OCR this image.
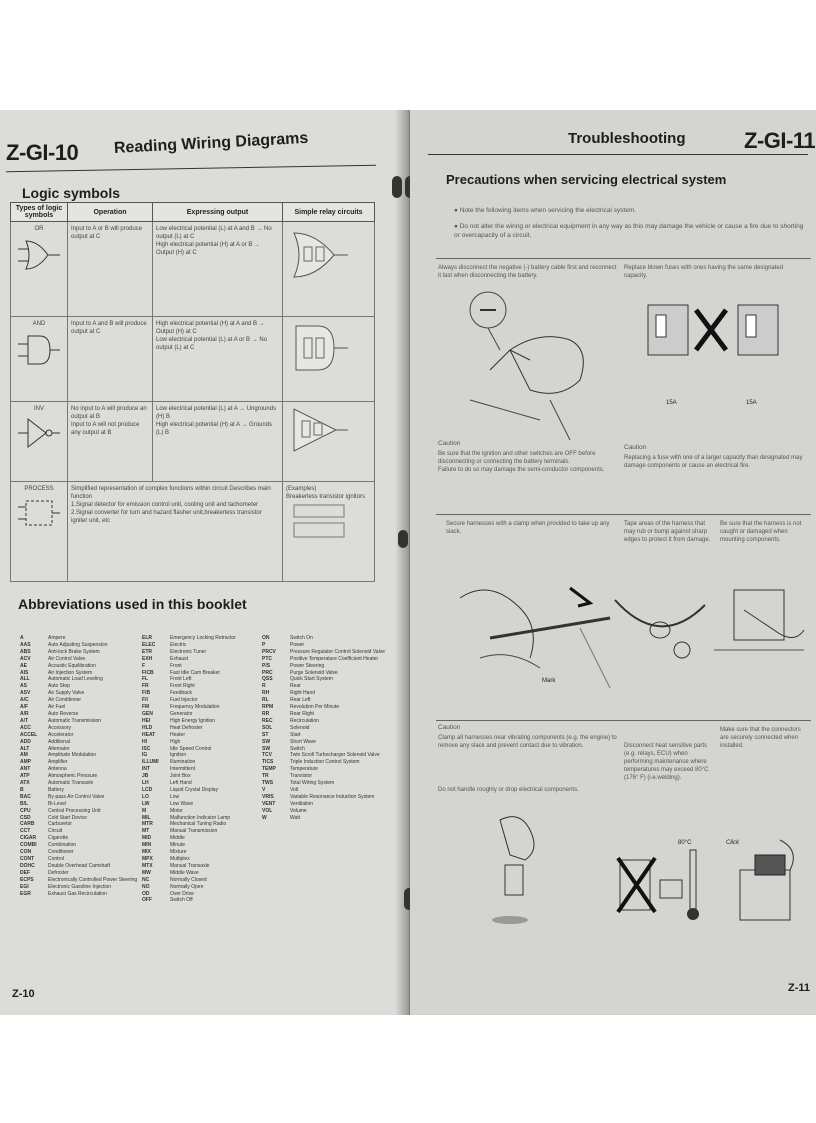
Z-GI-10 Reading Wiring Diagrams
Logic symbols
Types of logic symbols	Operation	Expressing output	Simple relay circuits

OR	Input to A or B will produce output at C	Low electrical potential (L) at A and B → No output (L) at C
High electrical potential (H) at A or B → Output (H) at C	

AND	Input to A and B will produce output at C	High electrical potential (H) at A and B → Output (H) at C
Low electrical potential (L) at A or B → No output (L) at C	

INV	No input to A will produce an output at B
Input to A will not produce any output at B	Low electrical potential (L) at A → Ungrounds (H) B
High electrical potential (H) at A → Grounds (L) B	

PROCESS	Simplified representation of complex functions within circuit Describes main function
1.Signal detector for emission control unit, cooling unit and tachometer
2.Signal converter for turn and hazard flasher unit,breakerless transistor igniter unit, etc		(Examples)
Breakerless transistor ignitors
Abbreviations used in this booklet
A	Ampere
AAS	Auto Adjusting Suspension
ABS	Anti-lock Brake System
ACV	Air Control Valve
AE	Acoustic Equilibration
AIS	Air Injection System
ALL	Automatic Load Leveling
AS	Auto Stop
ASV	Air Supply Valve
A/C	Air Conditioner
A/F	Air Fuel
A/R	Auto Reverse
A/T	Automatic Transmission
ACC	Accessory
ACCEL	Accelerator
ADD	Additional
ALT	Alternator
AM	Amplitude Modulation
AMP	Amplifier
ANT	Antenna
ATP	Atmospheric Pressure
ATX	Automatic Transaxle
B	Battery
BAC	By-pass Air Control Valve
B/L	Bi-Level
CPU	Central Processing Unit
CSD	Cold Start Device
CARB	Carburetor
CCT	Circuit
CIGAR	Cigarette
COMBI	Combination
CON	Conditioner
CONT	Control
DOHC	Double Overhead Camshaft
DEF	Defroster
ECPS	Electronically Controlled Power Steering
EGI	Electronic Gasoline Injection
EGR	Exhaust Gas Recirculation
ELR	Emergency Locking Retractor
ELEC	Electric
ETR	Electronic Tuner
EXH	Exhaust
F	Front
FICB	Fast Idle Cam Breaker
FL	Front Left
FR	Front Right
F/B	Feedback
F/I	Fuel Injector
FM	Frequency Modulation
GEN	Generator
HEI	High Energy Ignition
HLD	Heat Defroster
HEAT	Heater
HI	High
ISC	Idle Speed Control
IG	Ignition
ILLUMI	Illumination
INT	Intermittent
JB	Joint Box
LH	Left Hand
LCD	Liquid Crystal Display
LO	Low
LW	Low Wave
M	Motor
MIL	Malfunction Indicator Lamp
MTR	Mechanical Tuning Radio
MT	Manual Transmission
MID	Middle
MIN	Minute
MIX	Mixture
MPX	Multiplex
MTX	Manual Transaxle
MW	Middle Wave
NC	Normally Closed
NO	Normally Open
OD	Over Drive
OFF	Switch Off
ON	Switch On
P	Power
PRCV	Pressure Regulator Control Solenoid Valve
PTC	Positive Temperature Coefficient Heater
P/S	Power Steering
PRC	Purge Solenoid Valve
QSS	Quick Start System
R	Rear
RH	Right Hand
RL	Rear Left
RPM	Revolution Per Minute
RR	Rear Right
REC	Recirculation
SOL	Solenoid
ST	Start
SW	Short Wave
SW	Switch
TCV	Twin Scroll Turbocharger Solenoid Valve
TICS	Triple Induction Control System
TEMP	Temperature
TR	Transistor
TWS	Total Wiring System
V	Volt
VRIS	Variable Resonance Induction System
VENT	Ventilation
VOL	Volume
W	Watt
Z-10
Troubleshooting	Z-GI-11
Precautions when servicing electrical system
● Note the following items when servicing the electrical system.
● Do not alter the wiring or electrical equipment in any way as this may damage the vehicle or cause a fire due to shorting or overcapacity of a circuit.
Always disconnect the negative (-) battery cable first and reconnect it last when disconnecting the battery.
Replace blown fuses with ones having the same designated capacity.
15A	15A
Caution
Be sure that the ignition and other switches are OFF before disconnecting or connecting the battery terminals.
Failure to do so may damage the semi-conductor components.
Caution
Replacing a fuse with one of a larger capacity than designated may damage components or cause an electrical fire.
Secure harnesses with a clamp when provided to take up any slack.
Tape areas of the harness that may rub or bump against sharp edges to protect it from damage.
Be sure that the harness is not caught or damaged when mounting components.
Mark
Caution
Clamp all harnesses near vibrating components (e.g. the engine) to remove any slack and prevent contact due to vibration.
Do not handle roughly or drop electrical components.
Disconnect heat sensitive parts (e.g. relays, ECU) when performing maintenance where temperatures may exceed 80°C (176° F) (i.e.welding).
Make sure that the connectors are securely connected when installed.
80°C	Click
Z-11
